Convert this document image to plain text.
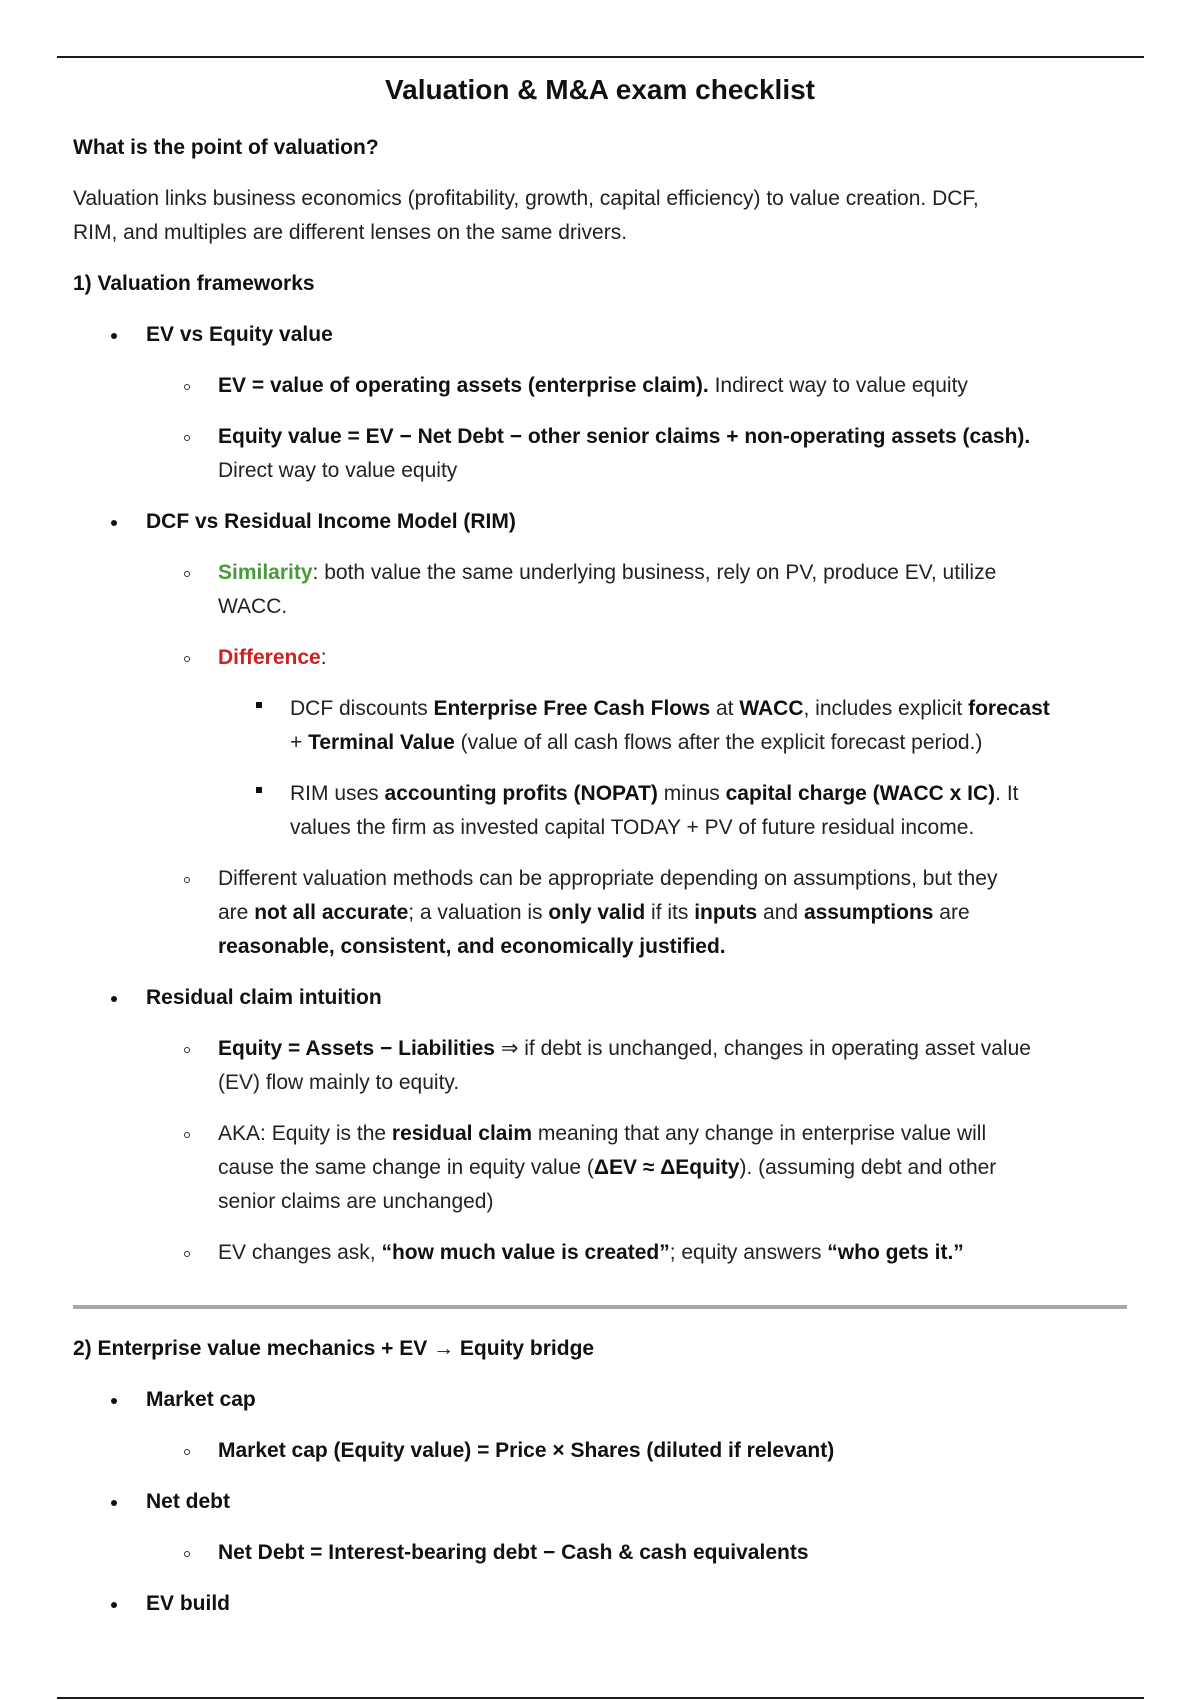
Valuation & M&A exam checklist
What is the point of valuation?
Valuation links business economics (profitability, growth, capital efficiency) to value creation. DCF,
RIM, and multiples are different lenses on the same drivers.
1) Valuation frameworks
EV vs Equity value
EV = value of operating assets (enterprise claim). Indirect way to value equity
Equity value = EV − Net Debt − other senior claims + non-operating assets (cash).
Direct way to value equity
DCF vs Residual Income Model (RIM)
Similarity: both value the same underlying business, rely on PV, produce EV, utilize
WACC.
Difference:
DCF discounts Enterprise Free Cash Flows at WACC, includes explicit forecast
+ Terminal Value (value of all cash flows after the explicit forecast period.)
RIM uses accounting profits (NOPAT) minus capital charge (WACC x IC). It
values the firm as invested capital TODAY + PV of future residual income.
Different valuation methods can be appropriate depending on assumptions, but they
are not all accurate; a valuation is only valid if its inputs and assumptions are
reasonable, consistent, and economically justified.
Residual claim intuition
Equity = Assets − Liabilities ⇒ if debt is unchanged, changes in operating asset value
(EV) flow mainly to equity.
AKA: Equity is the residual claim meaning that any change in enterprise value will
cause the same change in equity value (ΔEV ≈ ΔEquity). (assuming debt and other
senior claims are unchanged)
EV changes ask, “how much value is created”; equity answers “who gets it.”
2) Enterprise value mechanics + EV → Equity bridge
Market cap
Market cap (Equity value) = Price × Shares (diluted if relevant)
Net debt
Net Debt = Interest-bearing debt − Cash & cash equivalents
EV build
